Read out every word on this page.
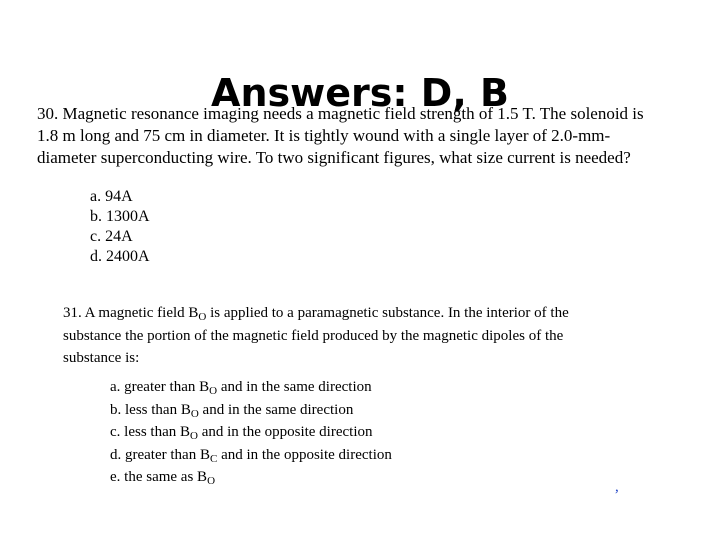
Answers: D, B

30. Magnetic resonance imaging needs a magnetic field strength of 1.5 T. The solenoid is
1.8 m long and 75 cm in diameter. It is tightly wound with a single layer of 2.0-mm-
diameter superconducting wire. To two significant figures, what size current is needed?

a. 94A
b. 1300A
c. 24A
d. 2400A

31. A magnetic field $B_O$ is applied to a paramagnetic substance. In the interior of the
substance the portion of the magnetic field produced by the magnetic dipoles of the
substance is:

a. greater than $B_O$ and in the same direction
b. less than $B_O$ and in the same direction
c. less than $B_O$ and in the opposite direction
d. greater than $B_C$ and in the opposite direction
e. the same as $B_O$	,
